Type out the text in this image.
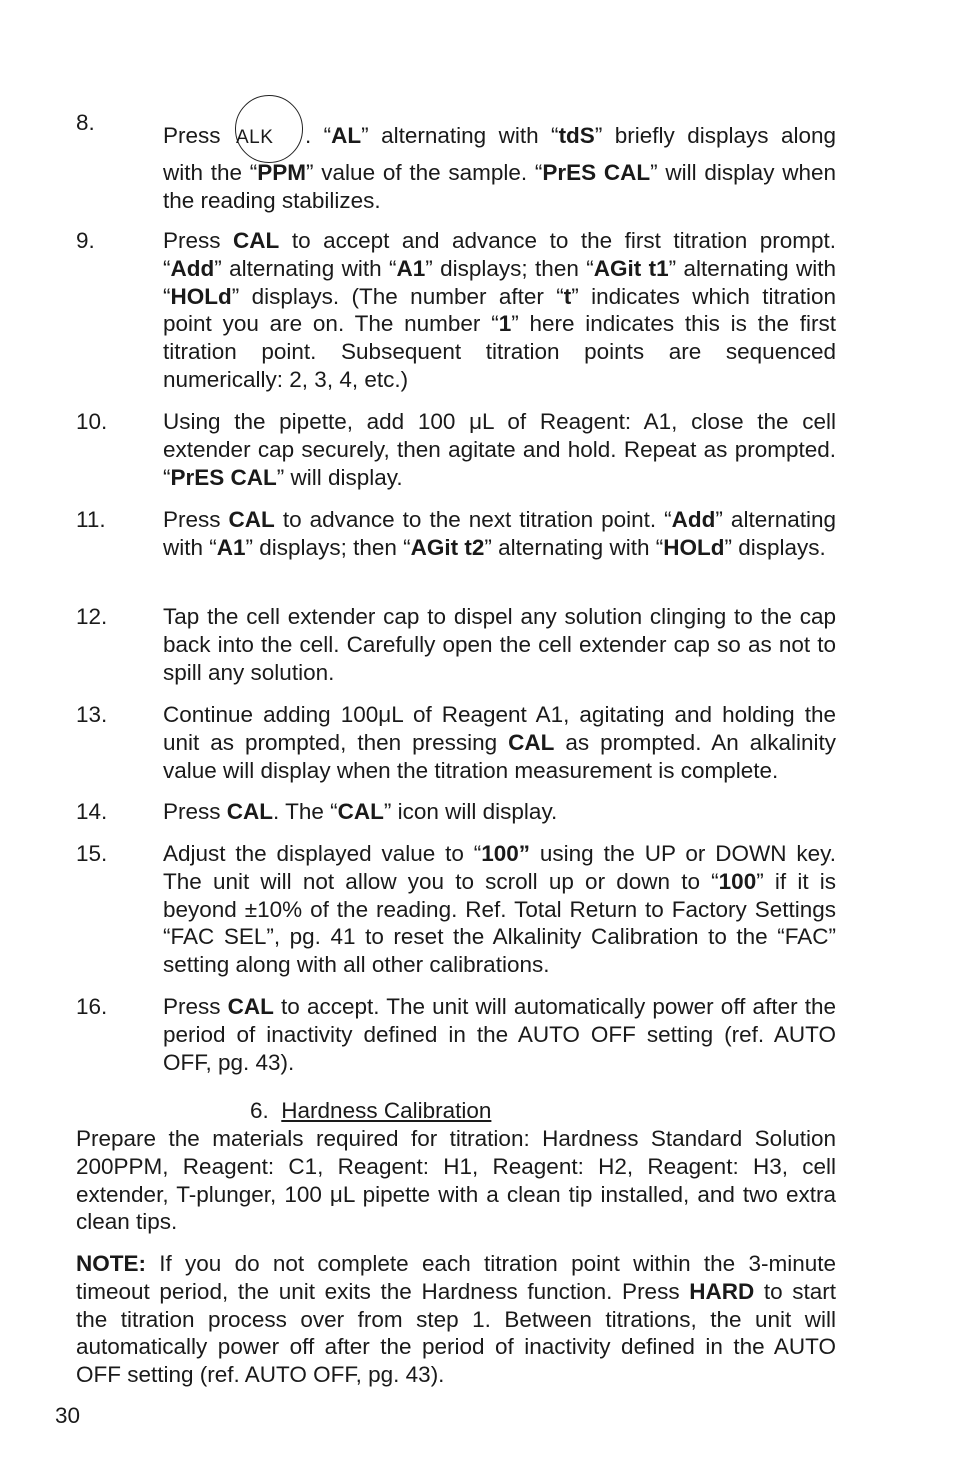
8.
Press ALK	. “AL” alternating with “tdS” briefly displays along
with the “PPM” value of the sample. “PrES CAL” will display when the reading stabilizes.
9.	Press CAL to accept and advance to the first titration prompt. “Add” alternating with “A1” displays; then “AGit t1” alternating with “HOLd” displays. (The number after “t” indicates which titration point you are on. The number “1” here indicates this is the first titration point. Subsequent titration points are sequenced numerically: 2, 3, 4, etc.)
10.	Using the pipette, add 100 μL of Reagent: A1, close the cell extender cap securely, then agitate and hold. Repeat as prompted. “PrES CAL” will display.
11.	Press CAL to advance to the next titration point. “Add” alternating with “A1” displays; then “AGit t2” alternating with “HOLd” displays.
12.	Tap the cell extender cap to dispel any solution clinging to the cap back into the cell. Carefully open the cell extender cap so as not to spill any solution.
13.	Continue adding 100μL of Reagent A1, agitating and holding the unit as prompted, then pressing CAL as prompted. An alkalinity value will display when the titration measurement is complete.
14.	Press CAL. The “CAL” icon will display.
15.	Adjust the displayed value to “100” using the UP or DOWN key. The unit will not allow you to scroll up or down to “100” if it is beyond ±10% of the reading. Ref. Total Return to Factory Settings “FAC SEL”, pg. 41 to reset the Alkalinity Calibration to the “FAC” setting along with all other calibrations.
16.	Press CAL to accept. The unit will automatically power off after the period of inactivity defined in the AUTO OFF setting (ref. AUTO OFF, pg. 43).
6. Hardness Calibration
Prepare the materials required for titration: Hardness Standard Solution 200PPM, Reagent: C1, Reagent: H1, Reagent: H2, Reagent: H3, cell extender, T-plunger, 100 μL pipette with a clean tip installed, and two extra clean tips.
NOTE: If you do not complete each titration point within the 3-minute timeout period, the unit exits the Hardness function. Press HARD to start the titration process over from step 1. Between titrations, the unit will automatically power off after the period of inactivity defined in the AUTO OFF setting (ref. AUTO OFF, pg. 43).
30
